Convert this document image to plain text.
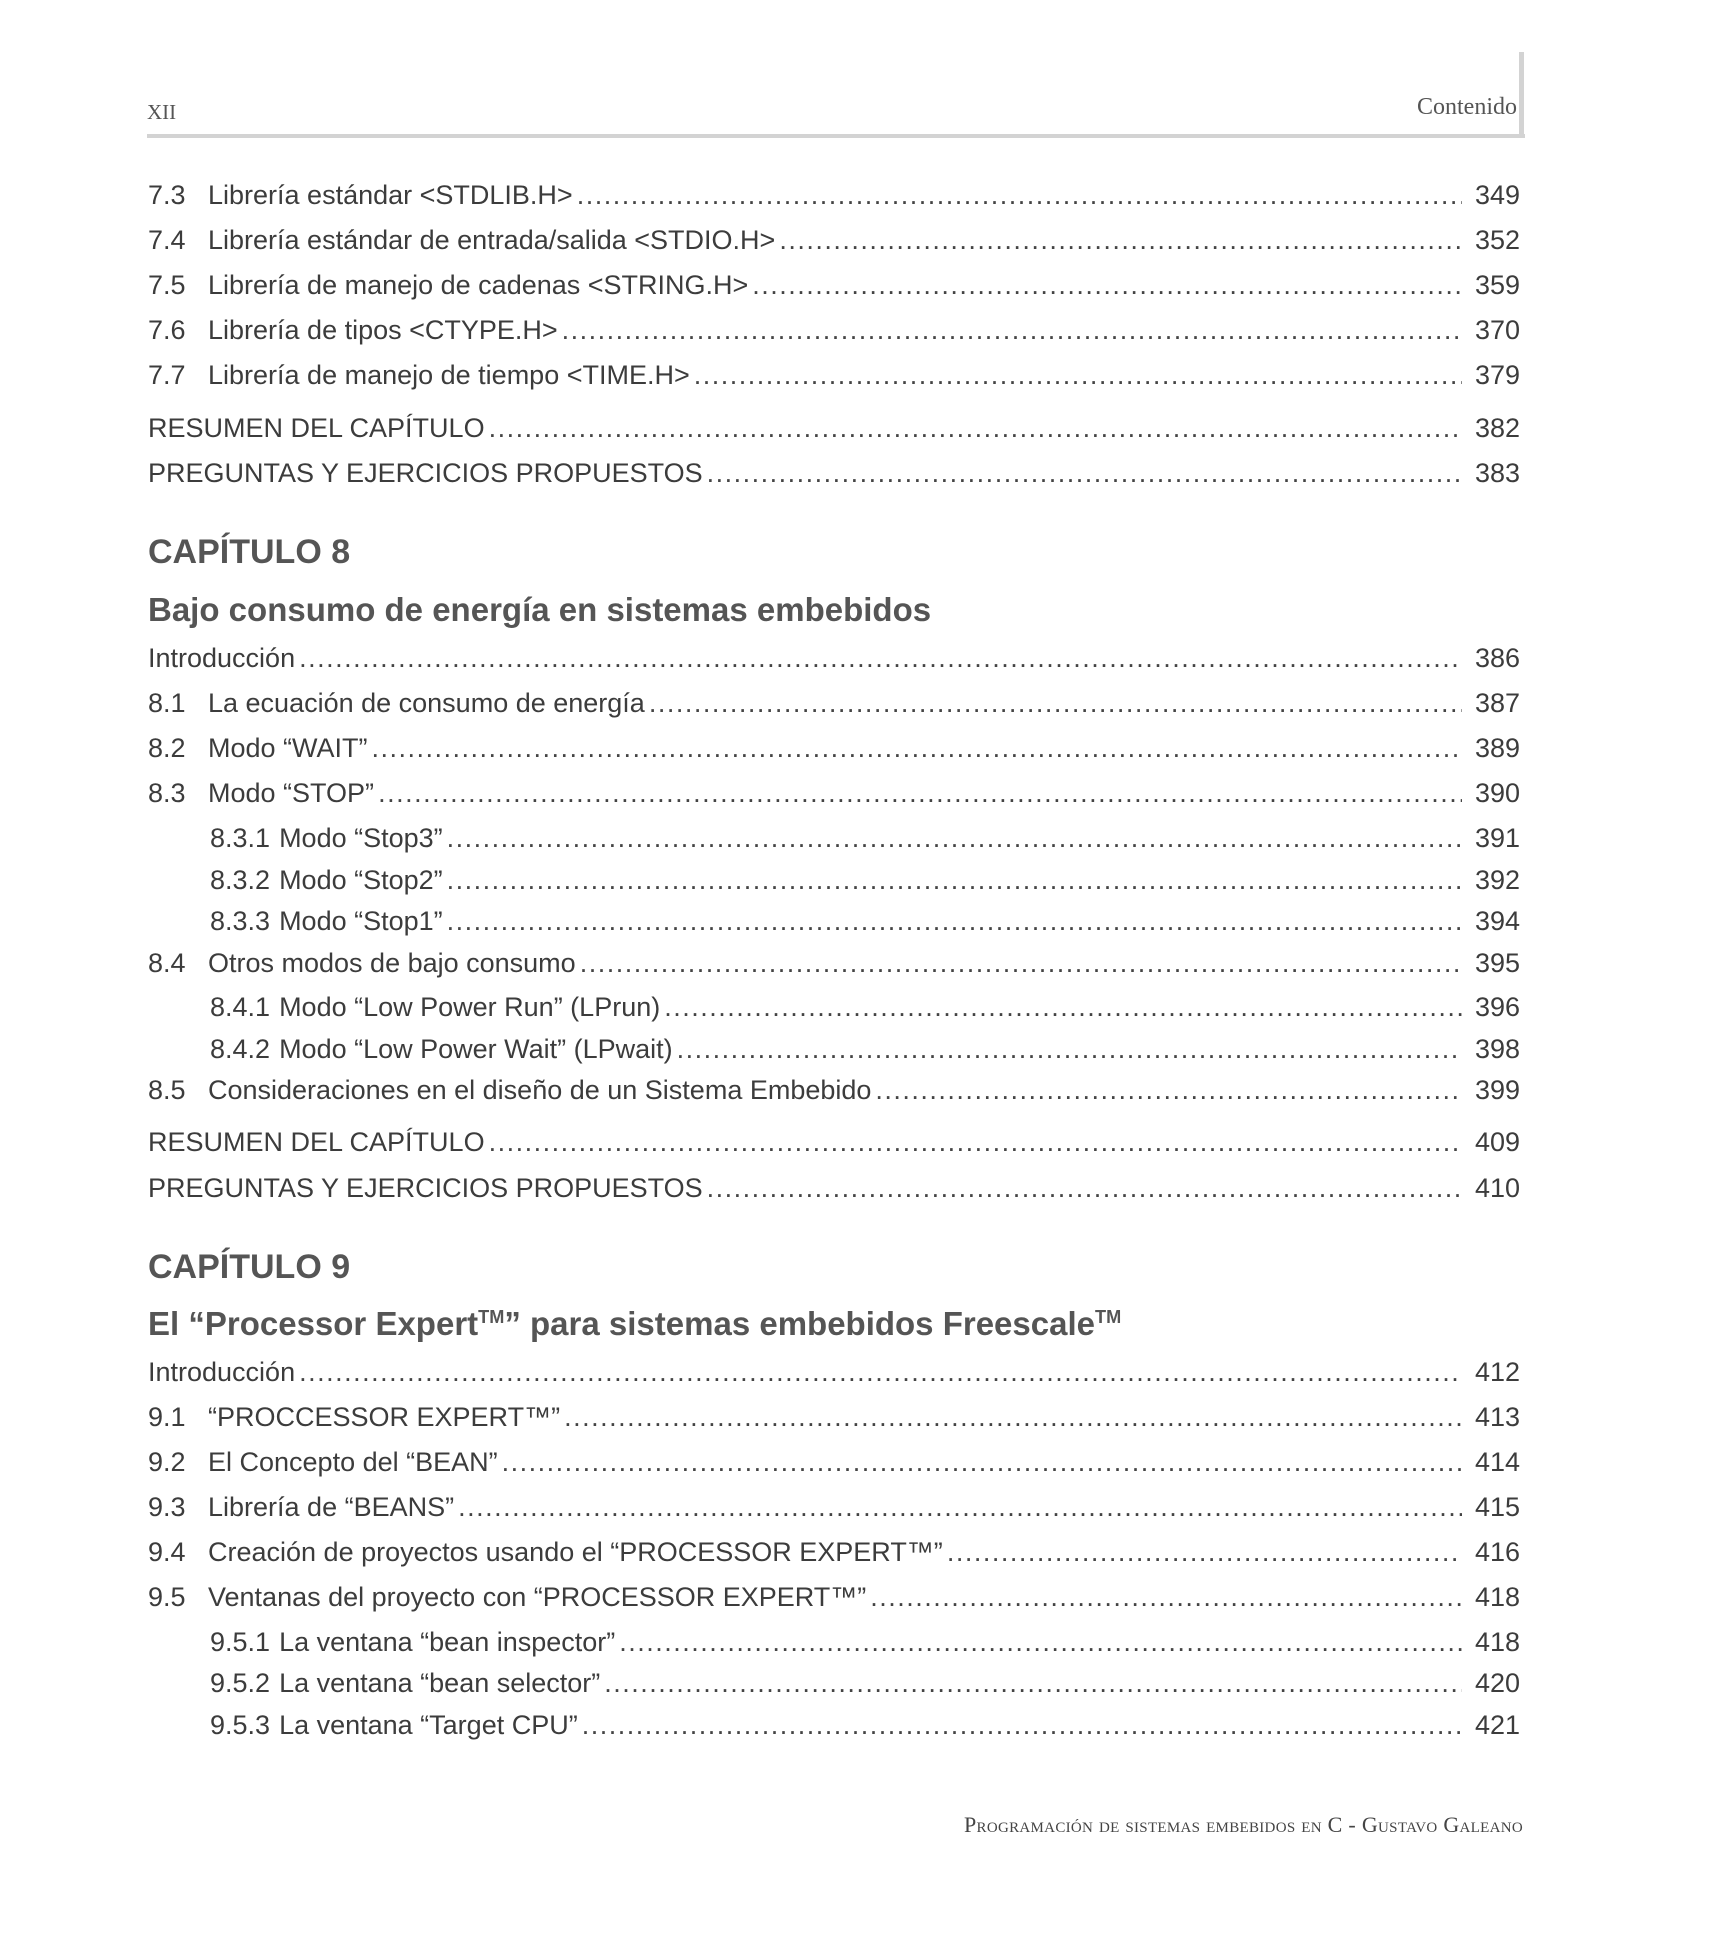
XII	Contenido
7.3 Librería estándar <STDLIB.H> .....	349
7.4 Librería estándar de entrada/salida <STDIO.H> .....	352
7.5 Librería de manejo de cadenas <STRING.H> .....	359
7.6 Librería de tipos <CTYPE.H> .....	370
7.7 Librería de manejo de tiempo <TIME.H> .....	379
RESUMEN DEL CAPÍTULO .....	382
PREGUNTAS Y EJERCICIOS PROPUESTOS .....	383
CAPÍTULO 8
Bajo consumo de energía en sistemas embebidos
Introducción .....	386
8.1 La ecuación de consumo de energía .....	387
8.2 Modo “WAIT” .....	389
8.3 Modo “STOP” .....	390
8.3.1 Modo “Stop3” .....	391
8.3.2 Modo “Stop2” .....	392
8.3.3 Modo “Stop1” .....	394
8.4 Otros modos de bajo consumo .....	395
8.4.1 Modo “Low Power Run” (LPrun) .....	396
8.4.2 Modo “Low Power Wait” (LPwait) .....	398
8.5 Consideraciones en el diseño de un Sistema Embebido .....	399
RESUMEN DEL CAPÍTULO .....	409
PREGUNTAS Y EJERCICIOS PROPUESTOS .....	410
CAPÍTULO 9
El “Processor Expert™” para sistemas embebidos Freescale™
Introducción .....	412
9.1 “PROCCESSOR EXPERT™” .....	413
9.2 El Concepto del “BEAN” .....	414
9.3 Librería de “BEANS” .....	415
9.4 Creación de proyectos usando el “PROCESSOR EXPERT™” .....	416
9.5 Ventanas del proyecto con “PROCESSOR EXPERT™” .....	418
9.5.1 La ventana “bean inspector” .....	418
9.5.2 La ventana “bean selector” .....	420
9.5.3 La ventana “Target CPU” .....	421
Programación de sistemas embebidos en C - Gustavo Galeano
